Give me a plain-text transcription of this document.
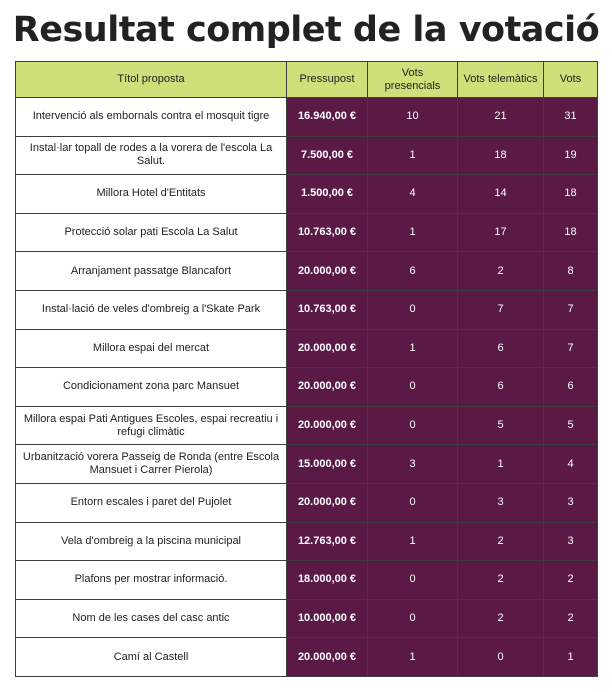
Resultat complet de la votació
Títol proposta	Pressupost	Vots presencials	Vots telemàtics	Vots
Intervenció als embornals contra el mosquit tigre	16.940,00 €	10	21	31
Instal·lar topall de rodes a la vorera de l'escola La Salut.	7.500,00 €	1	18	19
Millora Hotel d'Entitats	1.500,00 €	4	14	18
Protecció solar pati Escola La Salut	10.763,00 €	1	17	18
Arranjament passatge Blancafort	20.000,00 €	6	2	8
Instal·lació de veles d'ombreig a l'Skate Park	10.763,00 €	0	7	7
Millora espai del mercat	20.000,00 €	1	6	7
Condicionament zona parc Mansuet	20.000,00 €	0	6	6
Millora espai Pati Antigues Escoles, espai recreatiu i refugi climàtic	20.000,00 €	0	5	5
Urbanització vorera Passeig de Ronda (entre Escola Mansuet i Carrer Pierola)	15.000,00 €	3	1	4
Entorn escales i paret del Pujolet	20.000,00 €	0	3	3
Vela d'ombreig a la piscina municipal	12.763,00 €	1	2	3
Plafons per mostrar informació.	18.000,00 €	0	2	2
Nom de les cases del casc antic	10.000,00 €	0	2	2
Camí al Castell	20.000,00 €	1	0	1
